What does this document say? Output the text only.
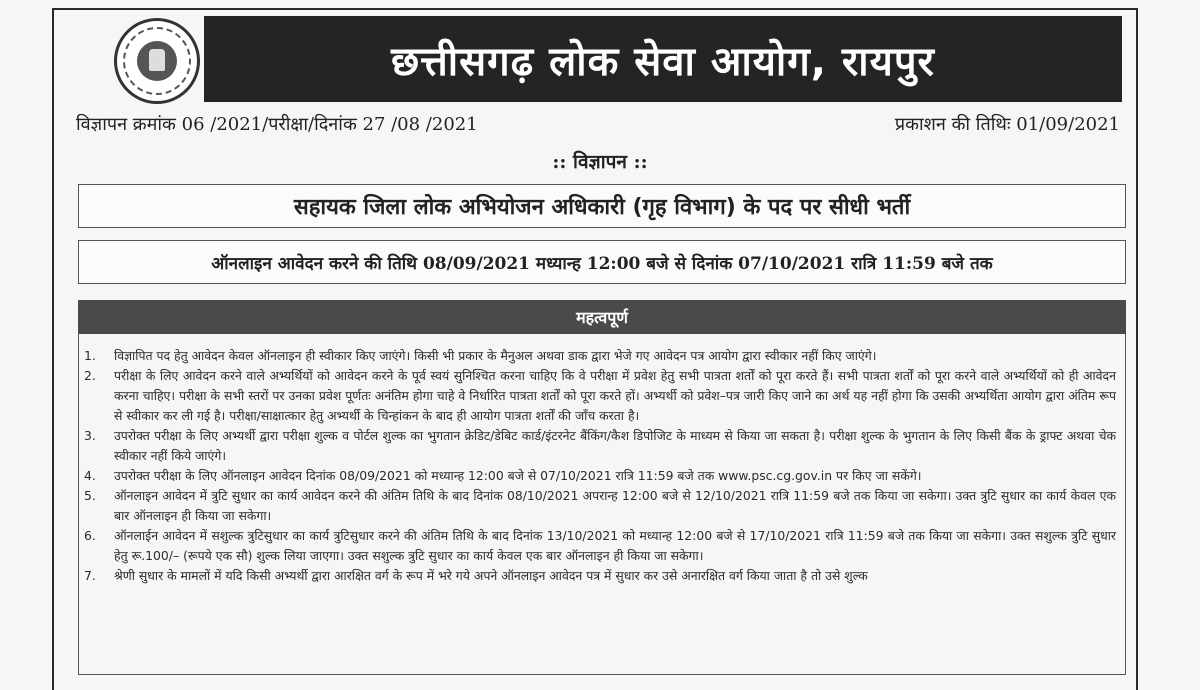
छत्तीसगढ़ लोक सेवा आयोग, रायपुर
विज्ञापन क्रमांक 06 /2021/परीक्षा/दिनांक 27 /08 /2021	प्रकाशन की तिथिः 01/09/2021
:: विज्ञापन ::
सहायक जिला लोक अभियोजन अधिकारी (गृह विभाग) के पद पर सीधी भर्ती
ऑनलाइन आवेदन करने की तिथि 08/09/2021 मध्यान्ह 12:00 बजे से दिनांक 07/10/2021 रात्रि 11:59 बजे तक
महत्वपूर्ण
1.	विज्ञापित पद हेतु आवेदन केवल ऑनलाइन ही स्वीकार किए जाएंगे। किसी भी प्रकार के मैनुअल अथवा डाक द्वारा भेजे गए आवेदन पत्र आयोग द्वारा स्वीकार नहीं किए जाएंगे।
2.	परीक्षा के लिए आवेदन करने वाले अभ्यर्थियों को आवेदन करने के पूर्व स्वयं सुनिश्चित करना चाहिए कि वे परीक्षा में प्रवेश हेतु सभी पात्रता शर्तों को पूरा करते हैं। सभी पात्रता शर्तों को पूरा करने वाले अभ्यर्थियों को ही आवेदन करना चाहिए। परीक्षा के सभी स्तरों पर उनका प्रवेश पूर्णतः अनंतिम होगा चाहे वे निर्धारित पात्रता शर्तों को पूरा करते हों। अभ्यर्थी को प्रवेश–पत्र जारी किए जाने का अर्थ यह नहीं होगा कि उसकी अभ्यर्थिता आयोग द्वारा अंतिम रूप से स्वीकार कर ली गई है। परीक्षा/साक्षात्कार हेतु अभ्यर्थी के चिन्हांकन के बाद ही आयोग पात्रता शर्तों की जाँच करता है।
3.	उपरोक्त परीक्षा के लिए अभ्यर्थी द्वारा परीक्षा शुल्क व पोर्टल शुल्क का भुगतान क्रेडिट/डेबिट कार्ड/इंटरनेट बैंकिंग/कैश डिपोजिट के माध्यम से किया जा सकता है। परीक्षा शुल्क के भुगतान के लिए किसी बैंक के ड्राफ्ट अथवा चेक स्वीकार नहीं किये जाएंगे।
4.	उपरोक्त परीक्षा के लिए ऑनलाइन आवेदन दिनांक 08/09/2021 को मध्यान्ह 12:00 बजे से 07/10/2021 रात्रि 11:59 बजे तक www.psc.cg.gov.in पर किए जा सकेंगे।
5.	ऑनलाइन आवेदन में त्रुटि सुधार का कार्य आवेदन करने की अंतिम तिथि के बाद दिनांक 08/10/2021 अपरान्ह 12:00 बजे से 12/10/2021 रात्रि 11:59 बजे तक किया जा सकेगा। उक्त त्रुटि सुधार का कार्य केवल एक बार ऑनलाइन ही किया जा सकेगा।
6.	ऑनलाईन आवेदन में सशुल्क त्रुटिसुधार का कार्य त्रुटिसुधार करने की अंतिम तिथि के बाद दिनांक 13/10/2021 को मध्यान्ह 12:00 बजे से 17/10/2021 रात्रि 11:59 बजे तक किया जा सकेगा। उक्त सशुल्क त्रुटि सुधार हेतु रू.100/– (रूपये एक सौ) शुल्क लिया जाएगा। उक्त सशुल्क त्रुटि सुधार का कार्य केवल एक बार ऑनलाइन ही किया जा सकेगा।
7.	श्रेणी सुधार के मामलों में यदि किसी अभ्यर्थी द्वारा आरक्षित वर्ग के रूप में भरे गये अपने ऑनलाइन आवेदन पत्र में सुधार कर उसे अनारक्षित वर्ग किया जाता है तो उसे शुल्क
